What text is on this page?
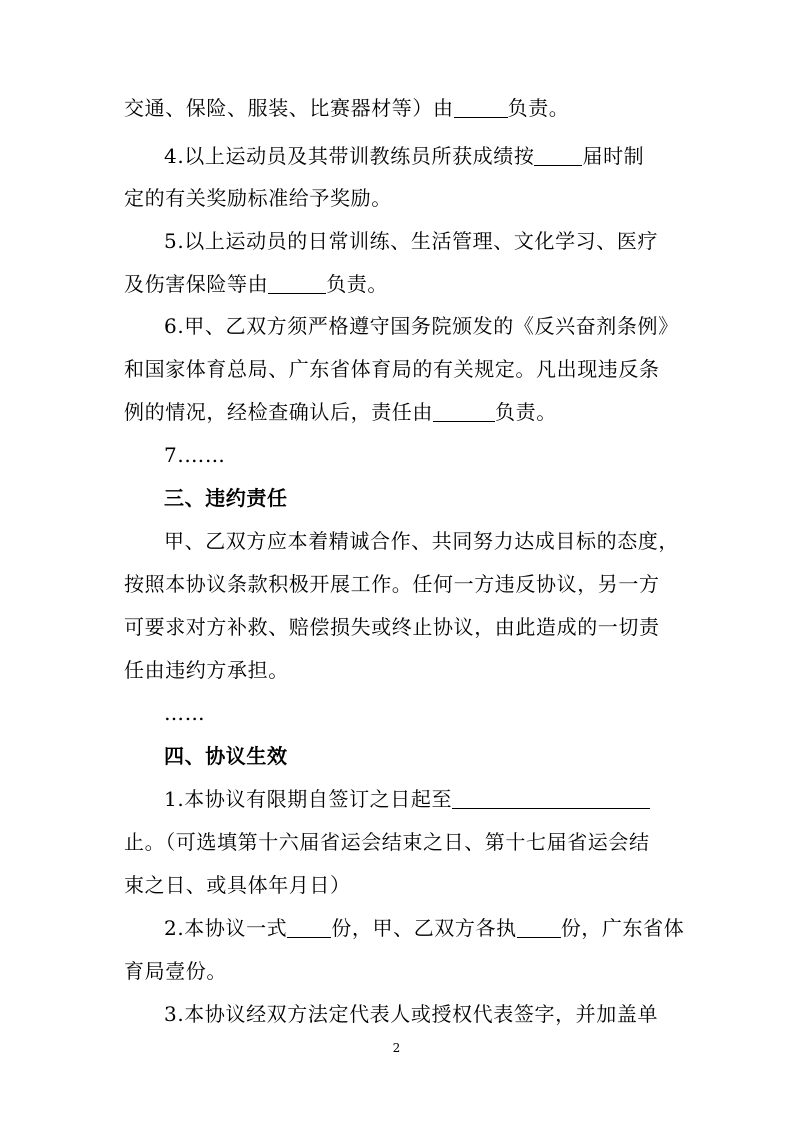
交通、保险、服装、比赛器材等）由	负责。
4.以上运动员及其带训教练员所获成绩按 届时制
定的有关奖励标准给予奖励。
5.以上运动员的日常训练、生活管理、文化学习、医疗
及伤害保险等由	负责。
6.甲、乙双方须严格遵守国务院颁发的《反兴奋剂条例》
和国家体育总局、广东省体育局的有关规定。凡出现违反条
例的情况，经检查确认后，责任由	负责。
7.……
三、违约责任
甲、乙双方应本着精诚合作、共同努力达成目标的态度，
按照本协议条款积极开展工作。任何一方违反协议，另一方
可要求对方补救、赔偿损失或终止协议，由此造成的一切责
任由违约方承担。
……
四、协议生效
1.本协议有限期自签订之日起至
止。（可选填第十六届省运会结束之日、第十七届省运会结
束之日、或具体年月日）
2.本协议一式 份，甲、乙双方各执 份，广东省体
育局壹份。
3.本协议经双方法定代表人或授权代表签字，并加盖单
2
